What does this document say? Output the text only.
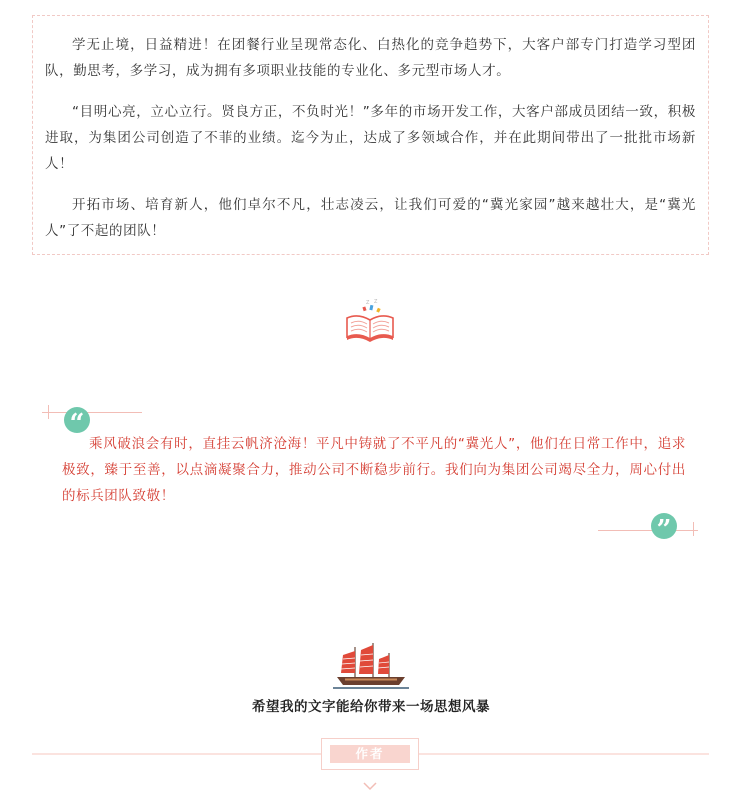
学无止境，日益精进！在团餐行业呈现常态化、白热化的竞争趋势下，大客户部专门打造学习型团队，勤思考，多学习，成为拥有多项职业技能的专业化、多元型市场人才。

“目明心亮，立心立行。贤良方正，不负时光！”多年的市场开发工作，大客户部成员团结一致，积极进取，为集团公司创造了不菲的业绩。迄今为止，达成了多领域合作，并在此期间带出了一批批市场新人！

开拓市场、培育新人，他们卓尔不凡，壮志凌云，让我们可爱的“冀光家园”越来越壮大，是“冀光人”了不起的团队！

Z Z
“

乘风破浪会有时，直挂云帆济沧海！平凡中铸就了不平凡的“冀光人”，他们在日常工作中，追求极致，臻于至善，以点滴凝聚合力，推动公司不断稳步前行。我们向为集团公司竭尽全力，周心付出的标兵团队致敬！

”
希望我的文字能给你带来一场思想风暴
作者
